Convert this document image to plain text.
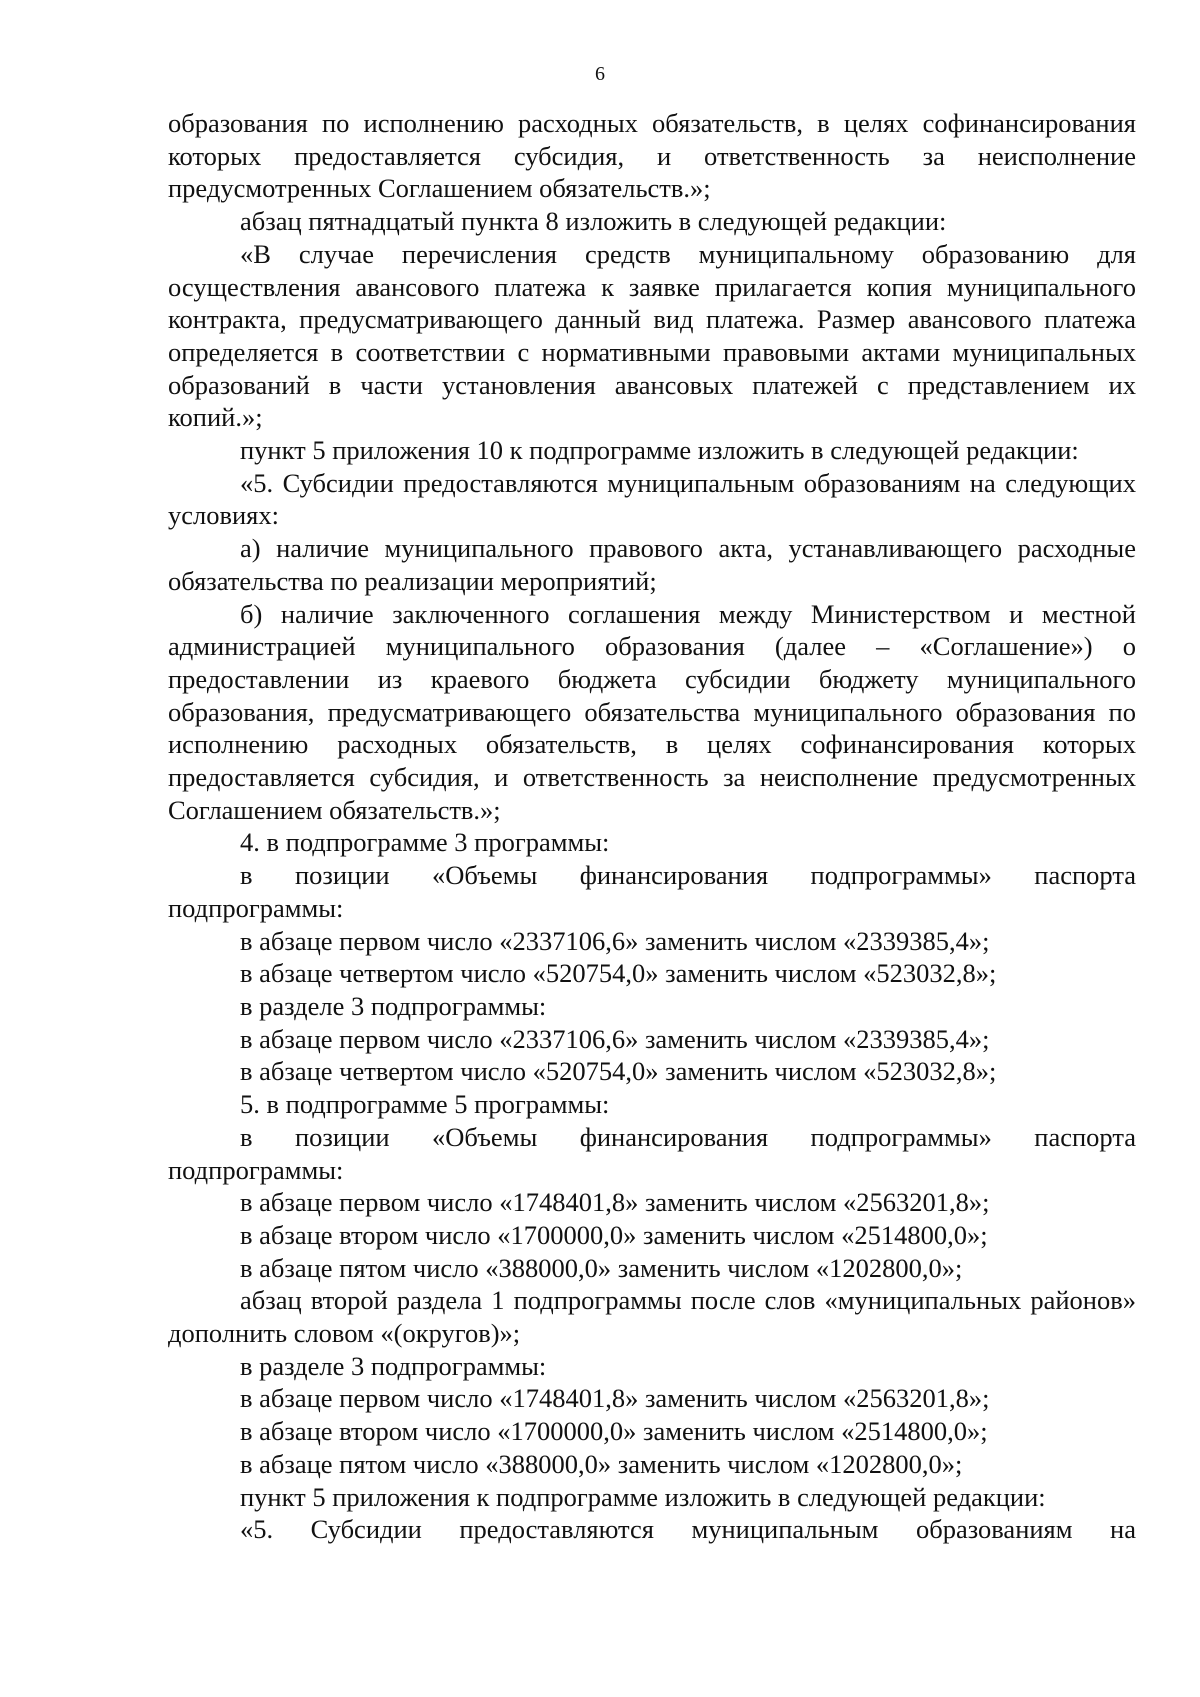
6

образования по исполнению расходных обязательств, в целях софинансирования которых предоставляется субсидия, и ответственность за неисполнение предусмотренных Соглашением обязательств.»;

абзац пятнадцатый пункта 8 изложить в следующей редакции:

«В случае перечисления средств муниципальному образованию для осуществления авансового платежа к заявке прилагается копия муниципального контракта, предусматривающего данный вид платежа. Размер авансового платежа определяется в соответствии с нормативными правовыми актами муниципальных образований в части установления авансовых платежей с представлением их копий.»;

пункт 5 приложения 10 к подпрограмме изложить в следующей редакции:

«5. Субсидии предоставляются муниципальным образованиям на следующих условиях:

а) наличие муниципального правового акта, устанавливающего расходные обязательства по реализации мероприятий;

б) наличие заключенного соглашения между Министерством и местной администрацией муниципального образования (далее – «Соглашение») о предоставлении из краевого бюджета субсидии бюджету муниципального образования, предусматривающего обязательства муниципального образования по исполнению расходных обязательств, в целях софинансирования которых предоставляется субсидия, и ответственность за неисполнение предусмотренных Соглашением обязательств.»;

4. в подпрограмме 3 программы:

в позиции «Объемы финансирования подпрограммы» паспорта подпрограммы:

в абзаце первом число «2337106,6» заменить числом «2339385,4»;

в абзаце четвертом число «520754,0» заменить числом «523032,8»;

в разделе 3 подпрограммы:

в абзаце первом число «2337106,6» заменить числом «2339385,4»;

в абзаце четвертом число «520754,0» заменить числом «523032,8»;

5. в подпрограмме 5 программы:

в позиции «Объемы финансирования подпрограммы» паспорта подпрограммы:

в абзаце первом число «1748401,8» заменить числом «2563201,8»;

в абзаце втором число «1700000,0» заменить числом «2514800,0»;

в абзаце пятом число «388000,0» заменить числом «1202800,0»;

абзац второй раздела 1 подпрограммы после слов «муниципальных районов» дополнить словом «(округов)»;

в разделе 3 подпрограммы:

в абзаце первом число «1748401,8» заменить числом «2563201,8»;

в абзаце втором число «1700000,0» заменить числом «2514800,0»;

в абзаце пятом число «388000,0» заменить числом «1202800,0»;

пункт 5 приложения к подпрограмме изложить в следующей редакции:

«5. Субсидии предоставляются муниципальным образованиям на
